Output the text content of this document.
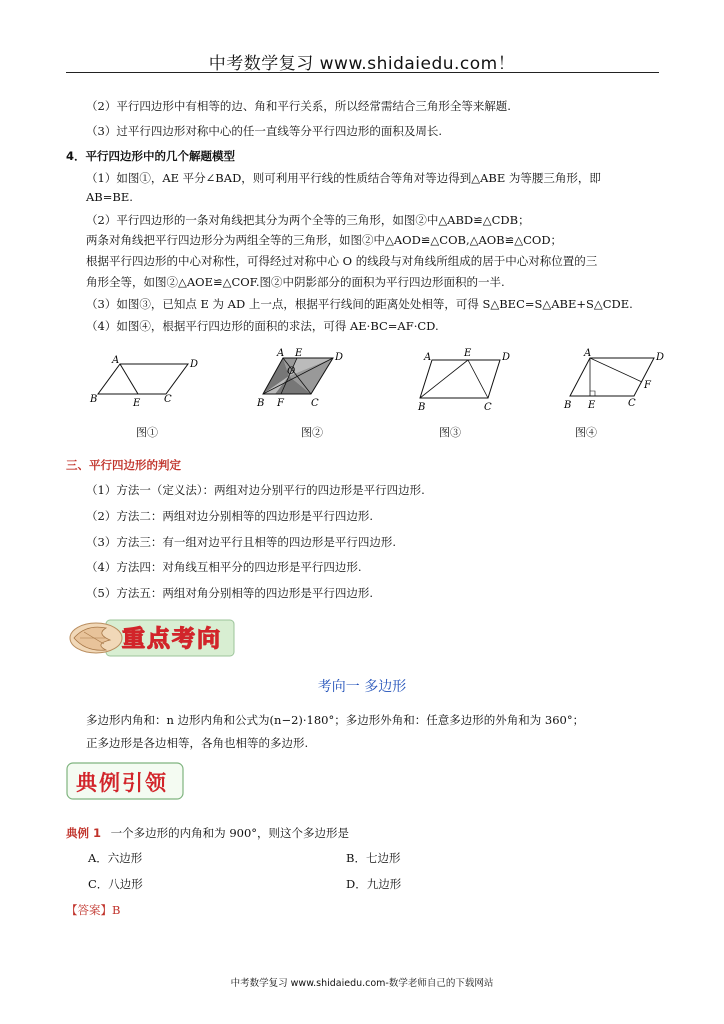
中考数学复习 www.shidaiedu.com！
（2）平行四边形中有相等的边、角和平行关系，所以经常需结合三角形全等来解题.
（3）过平行四边形对称中心的任一直线等分平行四边形的面积及周长.
4．平行四边形中的几个解题模型
（1）如图①，AE 平分∠BAD，则可利用平行线的性质结合等角对等边得到△ABE 为等腰三角形，即
AB=BE.
（2）平行四边形的一条对角线把其分为两个全等的三角形，如图②中△ABD≌△CDB；
两条对角线把平行四边形分为两组全等的三角形，如图②中△AOD≌△COB,△AOB≌△COD；
根据平行四边形的中心对称性，可得经过对称中心 O 的线段与对角线所组成的居于中心对称位置的三
角形全等，如图②△AOE≌△COF.图②中阴影部分的面积为平行四边形面积的一半.
（3）如图③，已知点 E 为 AD 上一点，根据平行线间的距离处处相等，可得 S△BEC=S△ABE+S△CDE.
（4）如图④，根据平行四边形的面积的求法，可得 AE·BC=AF·CD.
A	D
B	E C
A E	D
O
B F	C
A	E	D
B	C
A	D
F
B E	C
图①	图②	图③	图④
三、平行四边形的判定
（1）方法一（定义法）：两组对边分别平行的四边形是平行四边形.
（2）方法二：两组对边分别相等的四边形是平行四边形.
（3）方法三：有一组对边平行且相等的四边形是平行四边形.
（4）方法四：对角线互相平分的四边形是平行四边形.
（5）方法五：两组对角分别相等的四边形是平行四边形.
重点考向
考向一 多边形
多边形内角和：n 边形内角和公式为(n−2)·180°；多边形外角和：任意多边形的外角和为 360°；
正多边形是各边相等，各角也相等的多边形.
典例引领
典例 1 一个多边形的内角和为 900°，则这个多边形是
A．六边形	B．七边形
C．八边形	D．九边形
【答案】B
中考数学复习 www.shidaiedu.com-数学老师自己的下载网站
